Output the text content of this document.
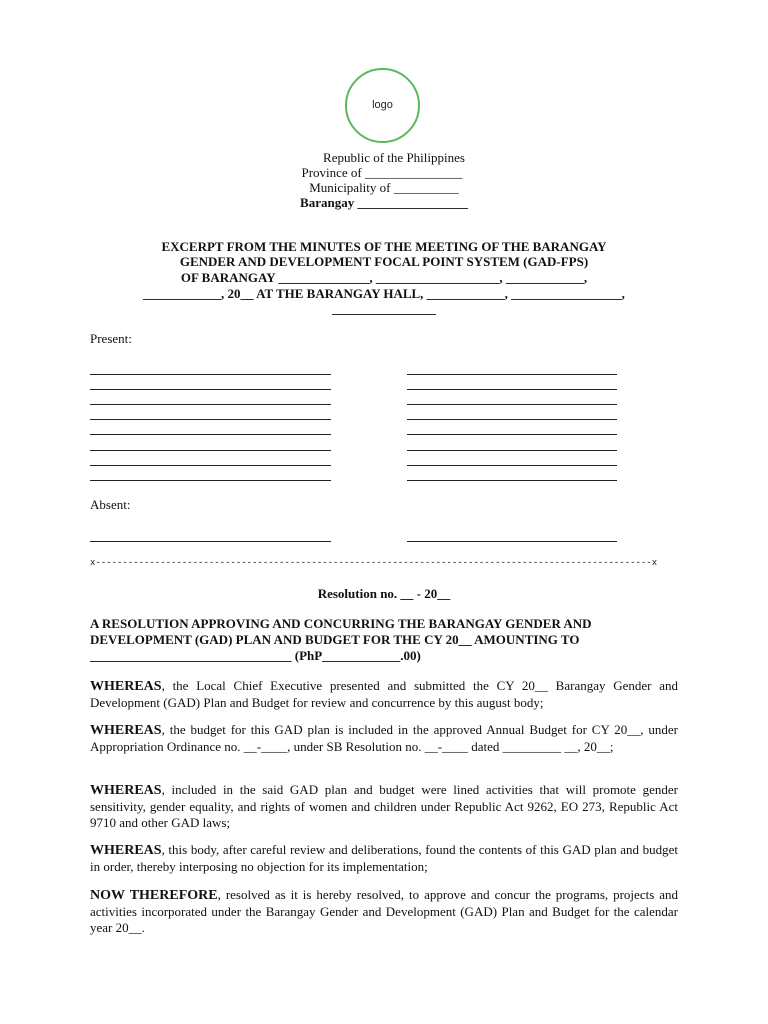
logo
Republic of the Philippines
Province of _______________
Municipality of __________
Barangay _________________
EXCERPT FROM THE MINUTES OF THE MEETING OF THE BARANGAY
GENDER AND DEVELOPMENT FOCAL POINT SYSTEM (GAD-FPS)
OF BARANGAY ______________, ___________________, ____________,
____________, 20__ AT THE BARANGAY HALL, ____________, _________________,
________________
Present:
Absent:
x-------------------------------------------------------------------------------------------------------x
Resolution no. __ - 20__
A RESOLUTION APPROVING AND CONCURRING THE BARANGAY GENDER AND
DEVELOPMENT (GAD) PLAN AND BUDGET FOR THE CY 20__ AMOUNTING TO
_______________________________ (PhP____________.00)
WHEREAS, the Local Chief Executive presented and submitted the CY 20__ Barangay Gender and Development (GAD) Plan and Budget for review and concurrence by this august body;
WHEREAS, the budget for this GAD plan is included in the approved Annual Budget for CY 20__, under Appropriation Ordinance no. __-____, under SB Resolution no. __-____ dated _________ __, 20__;
WHEREAS, included in the said GAD plan and budget were lined activities that will promote gender sensitivity, gender equality, and rights of women and children under Republic Act 9262, EO 273, Republic Act 9710 and other GAD laws;
WHEREAS, this body, after careful review and deliberations, found the contents of this GAD plan and budget in order, thereby interposing no objection for its implementation;
NOW THEREFORE, resolved as it is hereby resolved, to approve and concur the programs, projects and activities incorporated under the Barangay Gender and Development (GAD) Plan and Budget for the calendar year 20__.
